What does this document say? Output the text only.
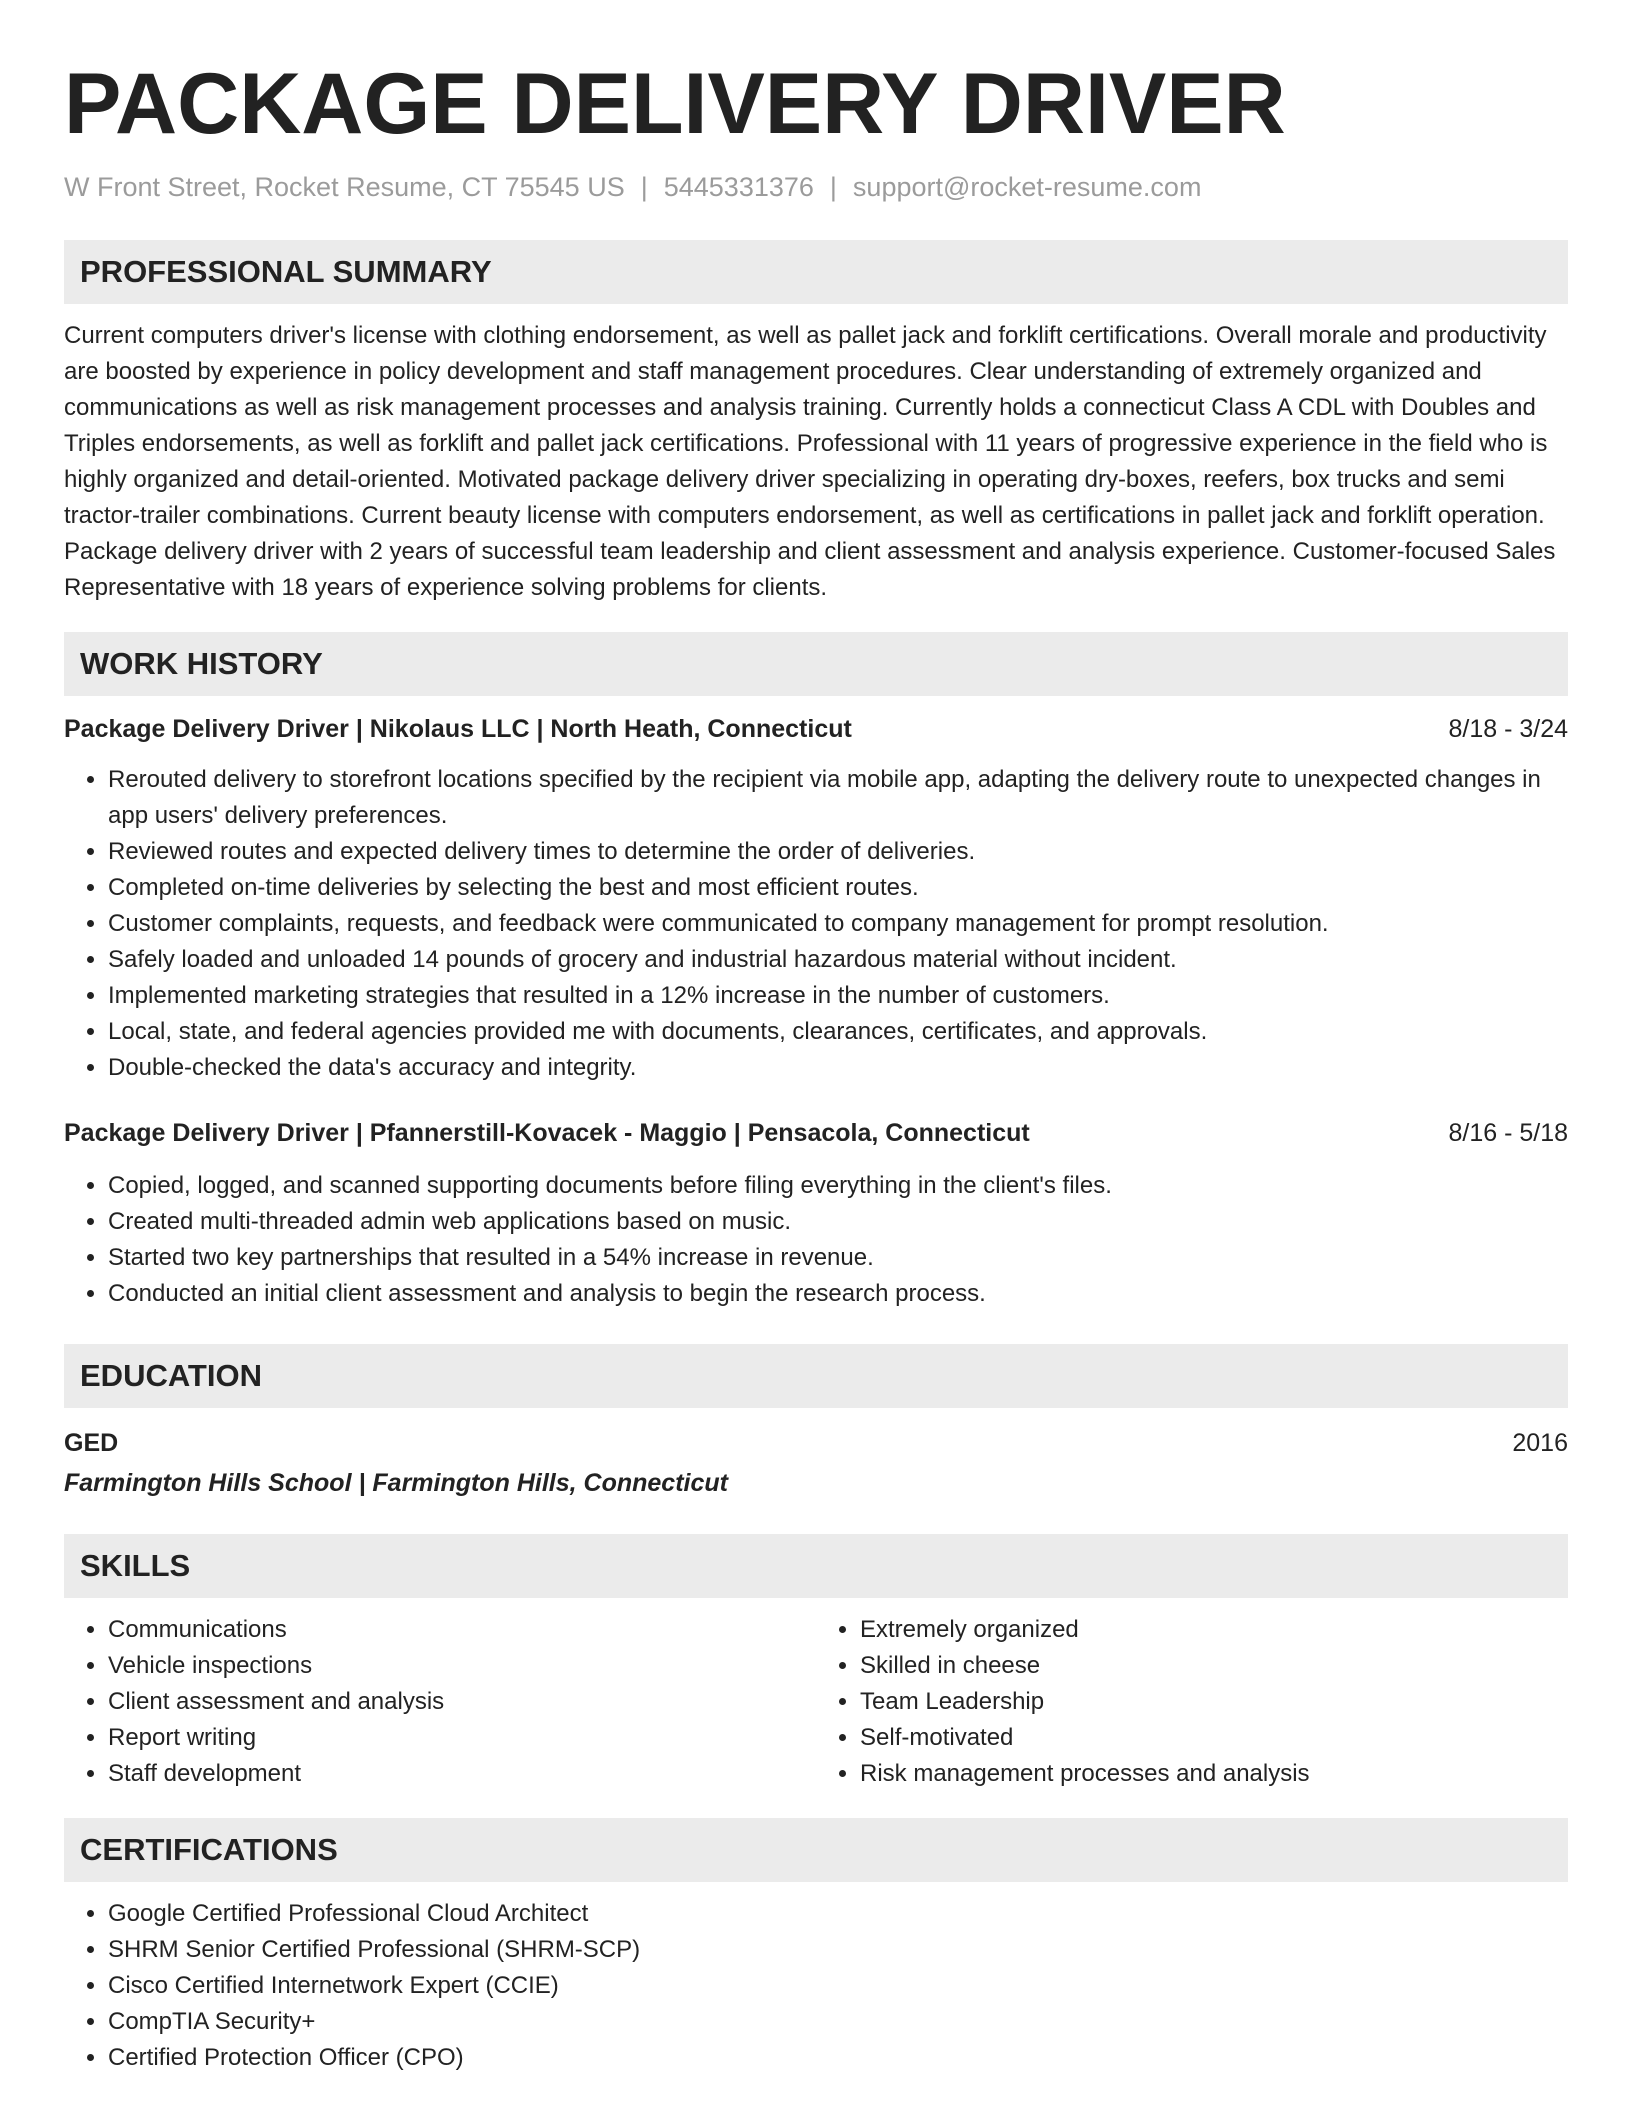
PACKAGE DELIVERY DRIVER
W Front Street, Rocket Resume, CT 75545 US | 5445331376 | support@rocket-resume.com
PROFESSIONAL SUMMARY

Current computers driver's license with clothing endorsement, as well as pallet jack and forklift certifications. Overall morale and productivity are boosted by experience in policy development and staff management procedures. Clear understanding of extremely organized and communications as well as risk management processes and analysis training. Currently holds a connecticut Class A CDL with Doubles and Triples endorsements, as well as forklift and pallet jack certifications. Professional with 11 years of progressive experience in the field who is highly organized and detail-oriented. Motivated package delivery driver specializing in operating dry-boxes, reefers, box trucks and semi tractor-trailer combinations. Current beauty license with computers endorsement, as well as certifications in pallet jack and forklift operation. Package delivery driver with 2 years of successful team leadership and client assessment and analysis experience. Customer-focused Sales Representative with 18 years of experience solving problems for clients.

WORK HISTORY
Package Delivery Driver | Nikolaus LLC | North Heath, Connecticut	8/18 - 3/24
• Rerouted delivery to storefront locations specified by the recipient via mobile app, adapting the delivery route to unexpected changes in app users' delivery preferences.
• Reviewed routes and expected delivery times to determine the order of deliveries.
• Completed on-time deliveries by selecting the best and most efficient routes.
• Customer complaints, requests, and feedback were communicated to company management for prompt resolution.
• Safely loaded and unloaded 14 pounds of grocery and industrial hazardous material without incident.
• Implemented marketing strategies that resulted in a 12% increase in the number of customers.
• Local, state, and federal agencies provided me with documents, clearances, certificates, and approvals.
• Double-checked the data's accuracy and integrity.
Package Delivery Driver | Pfannerstill-Kovacek - Maggio | Pensacola, Connecticut	8/16 - 5/18
• Copied, logged, and scanned supporting documents before filing everything in the client's files.
• Created multi-threaded admin web applications based on music.
• Started two key partnerships that resulted in a 54% increase in revenue.
• Conducted an initial client assessment and analysis to begin the research process.
EDUCATION
GED	2016
Farmington Hills School | Farmington Hills, Connecticut
SKILLS
• Communications
• Vehicle inspections
• Client assessment and analysis
• Report writing
• Staff development
• Extremely organized
• Skilled in cheese
• Team Leadership
• Self-motivated
• Risk management processes and analysis
CERTIFICATIONS
• Google Certified Professional Cloud Architect
• SHRM Senior Certified Professional (SHRM-SCP)
• Cisco Certified Internetwork Expert (CCIE)
• CompTIA Security+
• Certified Protection Officer (CPO)
